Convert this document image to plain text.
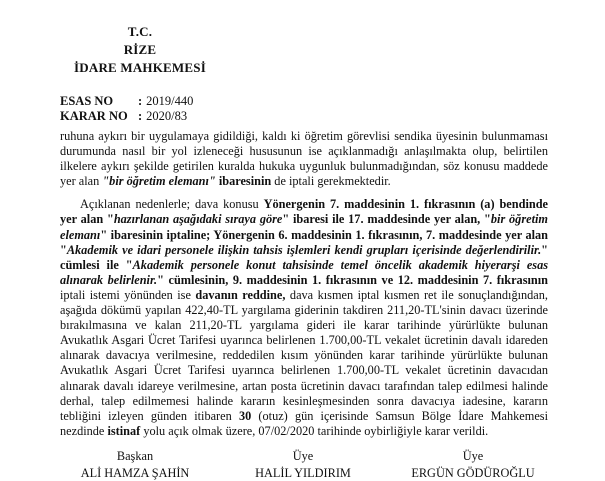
T.C.
RİZE
İDARE MAHKEMESİ
ESAS NO : 2019/440
KARAR NO : 2020/83

ruhuna aykırı bir uygulamaya gidildiği, kaldı ki öğretim görevlisi sendika üyesinin bulunmaması durumunda nasıl bir yol izleneceği hususunun ise açıklanmadığı anlaşılmakta olup, belirtilen ilkelere aykırı şekilde getirilen kuralda hukuka uygunluk bulunmadığından, söz konusu maddede yer alan "bir öğretim elemanı" ibaresinin de iptali gerekmektedir.

Açıklanan nedenlerle; dava konusu Yönergenin 7. maddesinin 1. fıkrasının (a) bendinde yer alan "hazırlanan aşağıdaki sıraya göre" ibaresi ile 17. maddesinde yer alan, "bir öğretim elemanı" ibaresinin iptaline; Yönergenin 6. maddesinin 1. fıkrasının, 7. maddesinde yer alan "Akademik ve idari personele ilişkin tahsis işlemleri kendi grupları içerisinde değerlendirilir." cümlesi ile "Akademik personele konut tahsisinde temel öncelik akademik hiyerarşi esas alınarak belirlenir." cümlesinin, 9. maddesinin 1. fıkrasının ve 12. maddesinin 7. fıkrasının iptali istemi yönünden ise davanın reddine, dava kısmen iptal kısmen ret ile sonuçlandığından, aşağıda dökümü yapılan 422,40-TL yargılama giderinin takdiren 211,20-TL'sinin davacı üzerinde bırakılmasına ve kalan 211,20-TL yargılama gideri ile karar tarihinde yürürlükte bulunan Avukatlık Asgari Ücret Tarifesi uyarınca belirlenen 1.700,00-TL vekalet ücretinin davalı idareden alınarak davacıya verilmesine, reddedilen kısım yönünden karar tarihinde yürürlükte bulunan Avukatlık Asgari Ücret Tarifesi uyarınca belirlenen 1.700,00-TL vekalet ücretinin davacıdan alınarak davalı idareye verilmesine, artan posta ücretinin davacı tarafından talep edilmesi halinde derhal, talep edilmemesi halinde kararın kesinleşmesinden sonra davacıya iadesine, kararın tebliğini izleyen günden itibaren 30 (otuz) gün içerisinde Samsun Bölge İdare Mahkemesi nezdinde istinaf yolu açık olmak üzere, 07/02/2020 tarihinde oybirliğiyle karar verildi.

Başkan
ALİ HAMZA ŞAHİN
Üye
HALİL YILDIRIM
Üye
ERGÜN GÖDÜROĞLU
